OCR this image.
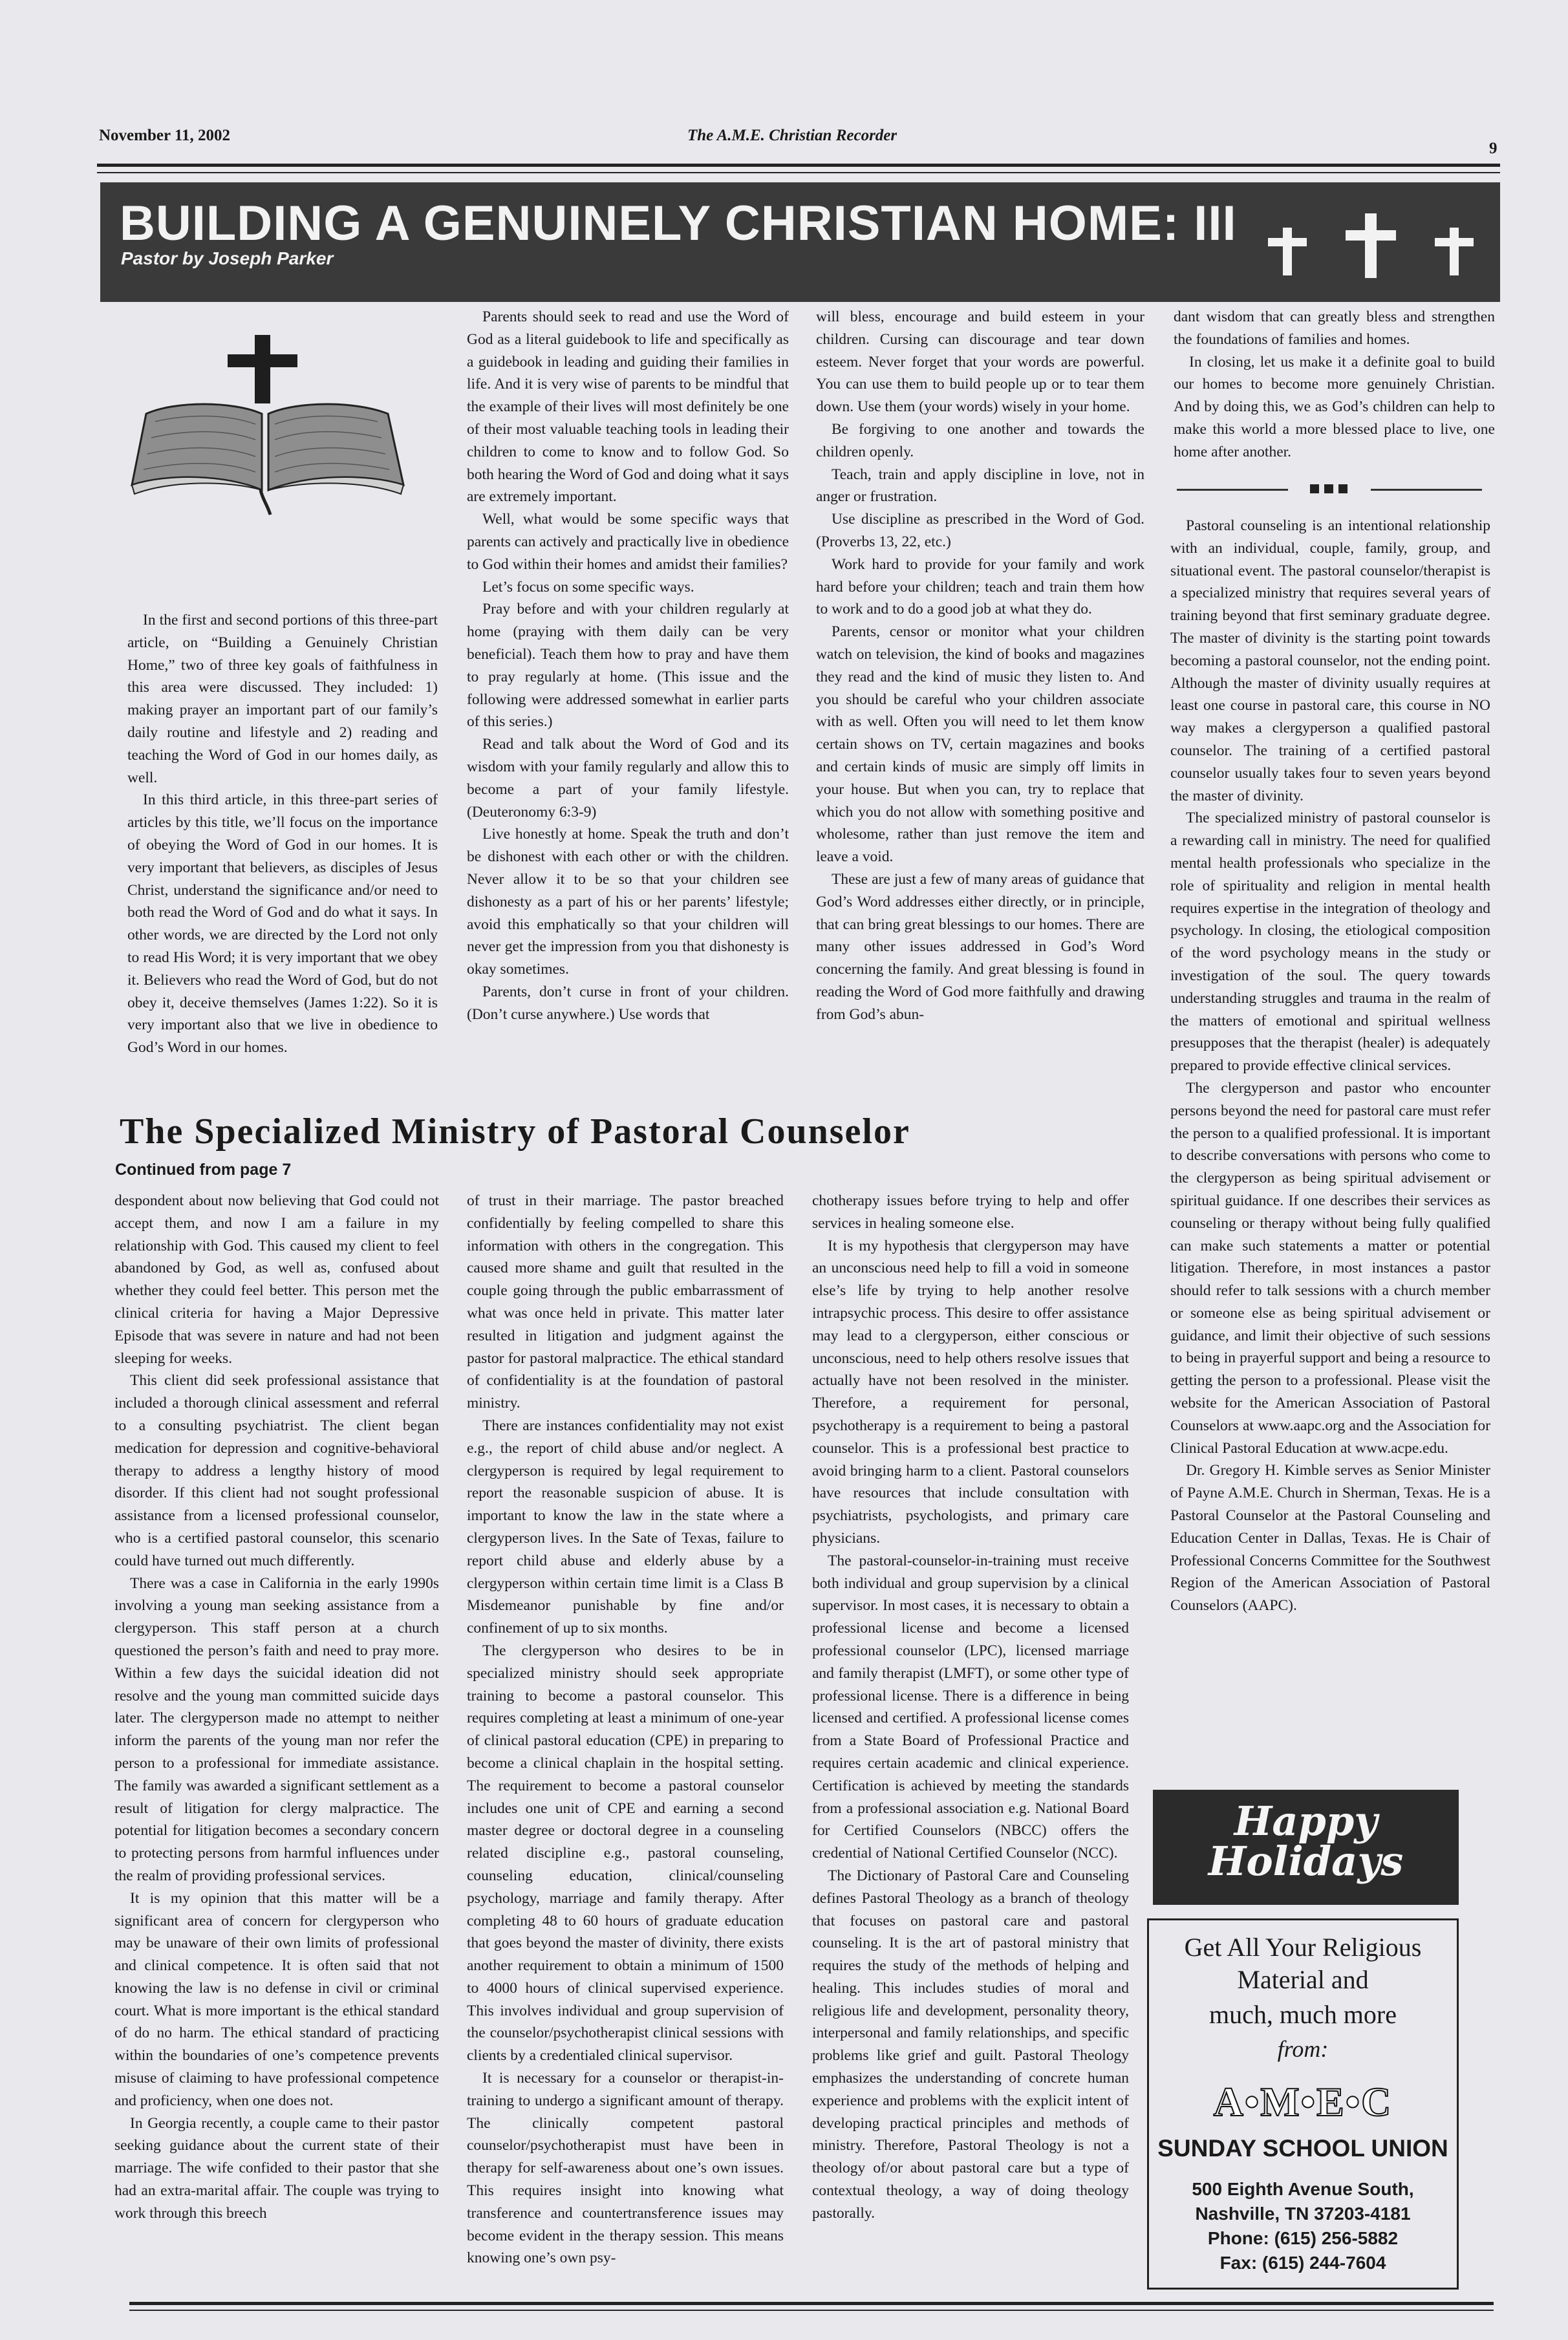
November 11, 2002	The A.M.E. Christian Recorder
9
BUILDING A GENUINELY CHRISTIAN HOME: III
Pastor by Joseph Parker

In the first and second portions of this three-part article, on “Building a Genuinely Christian Home,” two of three key goals of faithfulness in this area were discussed. They included: 1) making prayer an important part of our family’s daily routine and lifestyle and 2) reading and teaching the Word of God in our homes daily, as well.

In this third article, in this three-part series of articles by this title, we’ll focus on the importance of obeying the Word of God in our homes. It is very important that believers, as disciples of Jesus Christ, understand the significance and/or need to both read the Word of God and do what it says. In other words, we are directed by the Lord not only to read His Word; it is very important that we obey it. Believers who read the Word of God, but do not obey it, deceive themselves (James 1:22). So it is very important also that we live in obedience to God’s Word in our homes.

Parents should seek to read and use the Word of God as a literal guidebook to life and specifically as a guidebook in leading and guiding their families in life. And it is very wise of parents to be mindful that the example of their lives will most definitely be one of their most valuable teaching tools in leading their children to come to know and to follow God. So both hearing the Word of God and doing what it says are extremely important.

Well, what would be some specific ways that parents can actively and practically live in obedience to God within their homes and amidst their families?

Let’s focus on some specific ways.

Pray before and with your children regularly at home (praying with them daily can be very beneficial). Teach them how to pray and have them to pray regularly at home. (This issue and the following were addressed somewhat in earlier parts of this series.)

Read and talk about the Word of God and its wisdom with your family regularly and allow this to become a part of your family lifestyle. (Deuteronomy 6:3-9)

Live honestly at home. Speak the truth and don’t be dishonest with each other or with the children. Never allow it to be so that your children see dishonesty as a part of his or her parents’ lifestyle; avoid this emphatically so that your children will never get the impression from you that dishonesty is okay sometimes.

Parents, don’t curse in front of your children. (Don’t curse anywhere.) Use words that

will bless, encourage and build esteem in your children. Cursing can discourage and tear down esteem. Never forget that your words are powerful. You can use them to build people up or to tear them down. Use them (your words) wisely in your home.

Be forgiving to one another and towards the children openly.

Teach, train and apply discipline in love, not in anger or frustration.

Use discipline as prescribed in the Word of God. (Proverbs 13, 22, etc.)

Work hard to provide for your family and work hard before your children; teach and train them how to work and to do a good job at what they do.

Parents, censor or monitor what your children watch on television, the kind of books and magazines they read and the kind of music they listen to. And you should be careful who your children associate with as well. Often you will need to let them know certain shows on TV, certain magazines and books and certain kinds of music are simply off limits in your house. But when you can, try to replace that which you do not allow with something positive and wholesome, rather than just remove the item and leave a void.

These are just a few of many areas of guidance that God’s Word addresses either directly, or in principle, that can bring great blessings to our homes. There are many other issues addressed in God’s Word concerning the family. And great blessing is found in reading the Word of God more faithfully and drawing from God’s abun-

dant wisdom that can greatly bless and strengthen the foundations of families and homes.

In closing, let us make it a definite goal to build our homes to become more genuinely Christian. And by doing this, we as God’s children can help to make this world a more blessed place to live, one home after another.

Pastoral counseling is an intentional relationship with an individual, couple, family, group, and situational event. The pastoral counselor/therapist is a specialized ministry that requires several years of training beyond that first seminary graduate degree. The master of divinity is the starting point towards becoming a pastoral counselor, not the ending point. Although the master of divinity usually requires at least one course in pastoral care, this course in NO way makes a clergyperson a qualified pastoral counselor. The training of a certified pastoral counselor usually takes four to seven years beyond the master of divinity.

The specialized ministry of pastoral counselor is a rewarding call in ministry. The need for qualified mental health professionals who specialize in the role of spirituality and religion in mental health requires expertise in the integration of theology and psychology. In closing, the etiological composition of the word psychology means in the study or investigation of the soul. The query towards understanding struggles and trauma in the realm of the matters of emotional and spiritual wellness presupposes that the therapist (healer) is adequately prepared to provide effective clinical services.

The clergyperson and pastor who encounter persons beyond the need for pastoral care must refer the person to a qualified professional. It is important to describe conversations with persons who come to the clergyperson as being spiritual advisement or spiritual guidance. If one describes their services as counseling or therapy without being fully qualified can make such statements a matter or potential litigation. Therefore, in most instances a pastor should refer to talk sessions with a church member or someone else as being spiritual advisement or guidance, and limit their objective of such sessions to being in prayerful support and being a resource to getting the person to a professional. Please visit the website for the American Association of Pastoral Counselors at www.aapc.org and the Association for Clinical Pastoral Education at www.acpe.edu.

Dr. Gregory H. Kimble serves as Senior Minister of Payne A.M.E. Church in Sherman, Texas. He is a Pastoral Counselor at the Pastoral Counseling and Education Center in Dallas, Texas. He is Chair of Professional Concerns Committee for the Southwest Region of the American Association of Pastoral Counselors (AAPC).

The Specialized Ministry of Pastoral Counselor
Continued from page 7

despondent about now believing that God could not accept them, and now I am a failure in my relationship with God. This caused my client to feel abandoned by God, as well as, confused about whether they could feel better. This person met the clinical criteria for having a Major Depressive Episode that was severe in nature and had not been sleeping for weeks.

This client did seek professional assistance that included a thorough clinical assessment and referral to a consulting psychiatrist. The client began medication for depression and cognitive-behavioral therapy to address a lengthy history of mood disorder. If this client had not sought professional assistance from a licensed professional counselor, who is a certified pastoral counselor, this scenario could have turned out much differently.

There was a case in California in the early 1990s involving a young man seeking assistance from a clergyperson. This staff person at a church questioned the person’s faith and need to pray more. Within a few days the suicidal ideation did not resolve and the young man committed suicide days later. The clergyperson made no attempt to neither inform the parents of the young man nor refer the person to a professional for immediate assistance. The family was awarded a significant settlement as a result of litigation for clergy malpractice. The potential for litigation becomes a secondary concern to protecting persons from harmful influences under the realm of providing professional services.

It is my opinion that this matter will be a significant area of concern for clergyperson who may be unaware of their own limits of professional and clinical competence. It is often said that not knowing the law is no defense in civil or criminal court. What is more important is the ethical standard of do no harm. The ethical standard of practicing within the boundaries of one’s competence prevents misuse of claiming to have professional competence and proficiency, when one does not.

In Georgia recently, a couple came to their pastor seeking guidance about the current state of their marriage. The wife confided to their pastor that she had an extra-marital affair. The couple was trying to work through this breech

of trust in their marriage. The pastor breached confidentially by feeling compelled to share this information with others in the congregation. This caused more shame and guilt that resulted in the couple going through the public embarrassment of what was once held in private. This matter later resulted in litigation and judgment against the pastor for pastoral malpractice. The ethical standard of confidentiality is at the foundation of pastoral ministry.

There are instances confidentiality may not exist e.g., the report of child abuse and/or neglect. A clergyperson is required by legal requirement to report the reasonable suspicion of abuse. It is important to know the law in the state where a clergyperson lives. In the Sate of Texas, failure to report child abuse and elderly abuse by a clergyperson within certain time limit is a Class B Misdemeanor punishable by fine and/or confinement of up to six months.

The clergyperson who desires to be in specialized ministry should seek appropriate training to become a pastoral counselor. This requires completing at least a minimum of one-year of clinical pastoral education (CPE) in preparing to become a clinical chaplain in the hospital setting. The requirement to become a pastoral counselor includes one unit of CPE and earning a second master degree or doctoral degree in a counseling related discipline e.g., pastoral counseling, counseling education, clinical/counseling psychology, marriage and family therapy. After completing 48 to 60 hours of graduate education that goes beyond the master of divinity, there exists another requirement to obtain a minimum of 1500 to 4000 hours of clinical supervised experience. This involves individual and group supervision of the counselor/psychotherapist clinical sessions with clients by a credentialed clinical supervisor.

It is necessary for a counselor or therapist-in-training to undergo a significant amount of therapy. The clinically competent pastoral counselor/psychotherapist must have been in therapy for self-awareness about one’s own issues. This requires insight into knowing what transference and countertransference issues may become evident in the therapy session. This means knowing one’s own psy-

chotherapy issues before trying to help and offer services in healing someone else.

It is my hypothesis that clergyperson may have an unconscious need help to fill a void in someone else’s life by trying to help another resolve intrapsychic process. This desire to offer assistance may lead to a clergyperson, either conscious or unconscious, need to help others resolve issues that actually have not been resolved in the minister. Therefore, a requirement for personal, psychotherapy is a requirement to being a pastoral counselor. This is a professional best practice to avoid bringing harm to a client. Pastoral counselors have resources that include consultation with psychiatrists, psychologists, and primary care physicians.

The pastoral-counselor-in-training must receive both individual and group supervision by a clinical supervisor. In most cases, it is necessary to obtain a professional license and become a licensed professional counselor (LPC), licensed marriage and family therapist (LMFT), or some other type of professional license. There is a difference in being licensed and certified. A professional license comes from a State Board of Professional Practice and requires certain academic and clinical experience. Certification is achieved by meeting the standards from a professional association e.g. National Board for Certified Counselors (NBCC) offers the credential of National Certified Counselor (NCC).

The Dictionary of Pastoral Care and Counseling defines Pastoral Theology as a branch of theology that focuses on pastoral care and pastoral counseling. It is the art of pastoral ministry that requires the study of the methods of helping and healing. This includes studies of moral and religious life and development, personality theory, interpersonal and family relationships, and specific problems like grief and guilt. Pastoral Theology emphasizes the understanding of concrete human experience and problems with the explicit intent of developing practical principles and methods of ministry. Therefore, Pastoral Theology is not a theology of/or about pastoral care but a type of contextual theology, a way of doing theology pastorally.

Happy
Holidays
Get All Your Religious
Material and
much, much more
from:
A•M•E•C
SUNDAY SCHOOL UNION
500 Eighth Avenue South,
Nashville, TN 37203-4181
Phone: (615) 256-5882
Fax: (615) 244-7604
